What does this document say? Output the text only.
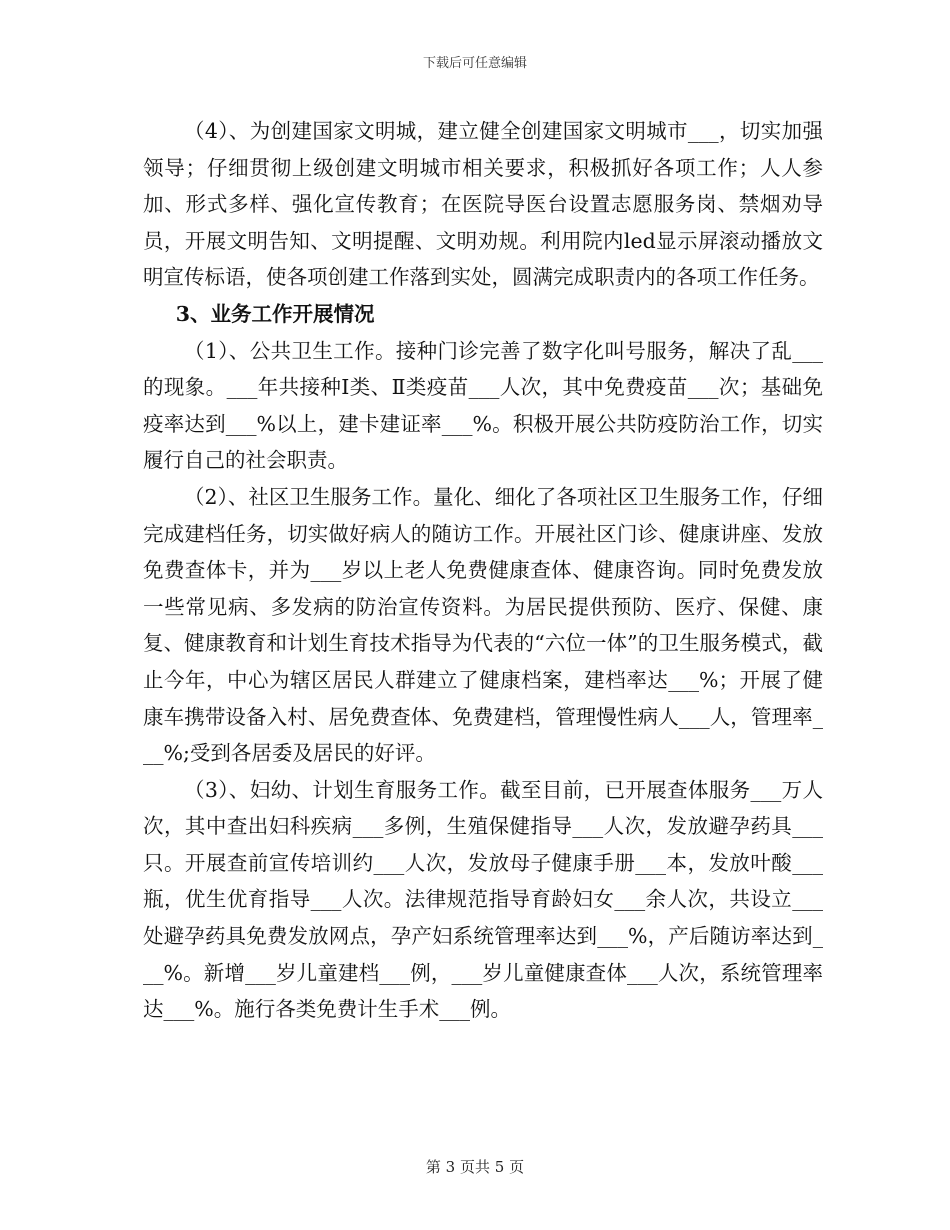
下载后可任意编辑

（4）、为创建国家文明城，建立健全创建国家文明城市___，切实加强领导；仔细贯彻上级创建文明城市相关要求，积极抓好各项工作；人人参加、形式多样、强化宣传教育；在医院导医台设置志愿服务岗、禁烟劝导员，开展文明告知、文明提醒、文明劝规。利用院内led显示屏滚动播放文明宣传标语，使各项创建工作落到实处，圆满完成职责内的各项工作任务。

3、业务工作开展情况

（1）、公共卫生工作。接种门诊完善了数字化叫号服务，解决了乱___的现象。___年共接种Ⅰ类、Ⅱ类疫苗___人次，其中免费疫苗___次；基础免疫率达到___%以上，建卡建证率___%。积极开展公共防疫防治工作，切实履行自己的社会职责。

（2）、社区卫生服务工作。量化、细化了各项社区卫生服务工作，仔细完成建档任务，切实做好病人的随访工作。开展社区门诊、健康讲座、发放免费查体卡，并为___岁以上老人免费健康查体、健康咨询。同时免费发放一些常见病、多发病的防治宣传资料。为居民提供预防、医疗、保健、康复、健康教育和计划生育技术指导为代表的“六位一体”的卫生服务模式，截止今年，中心为辖区居民人群建立了健康档案，建档率达___%；开展了健康车携带设备入村、居免费查体、免费建档，管理慢性病人___人，管理率___%;受到各居委及居民的好评。

（3）、妇幼、计划生育服务工作。截至目前，已开展查体服务___万人次，其中查出妇科疾病___多例，生殖保健指导___人次，发放避孕药具___只。开展查前宣传培训约___人次，发放母子健康手册___本，发放叶酸___瓶，优生优育指导___人次。法律规范指导育龄妇女___余人次，共设立___处避孕药具免费发放网点，孕产妇系统管理率达到___%，产后随访率达到___%。新增___岁儿童建档___例，___岁儿童健康查体___人次，系统管理率达___%。施行各类免费计生手术___例。

第 3 页共 5 页
